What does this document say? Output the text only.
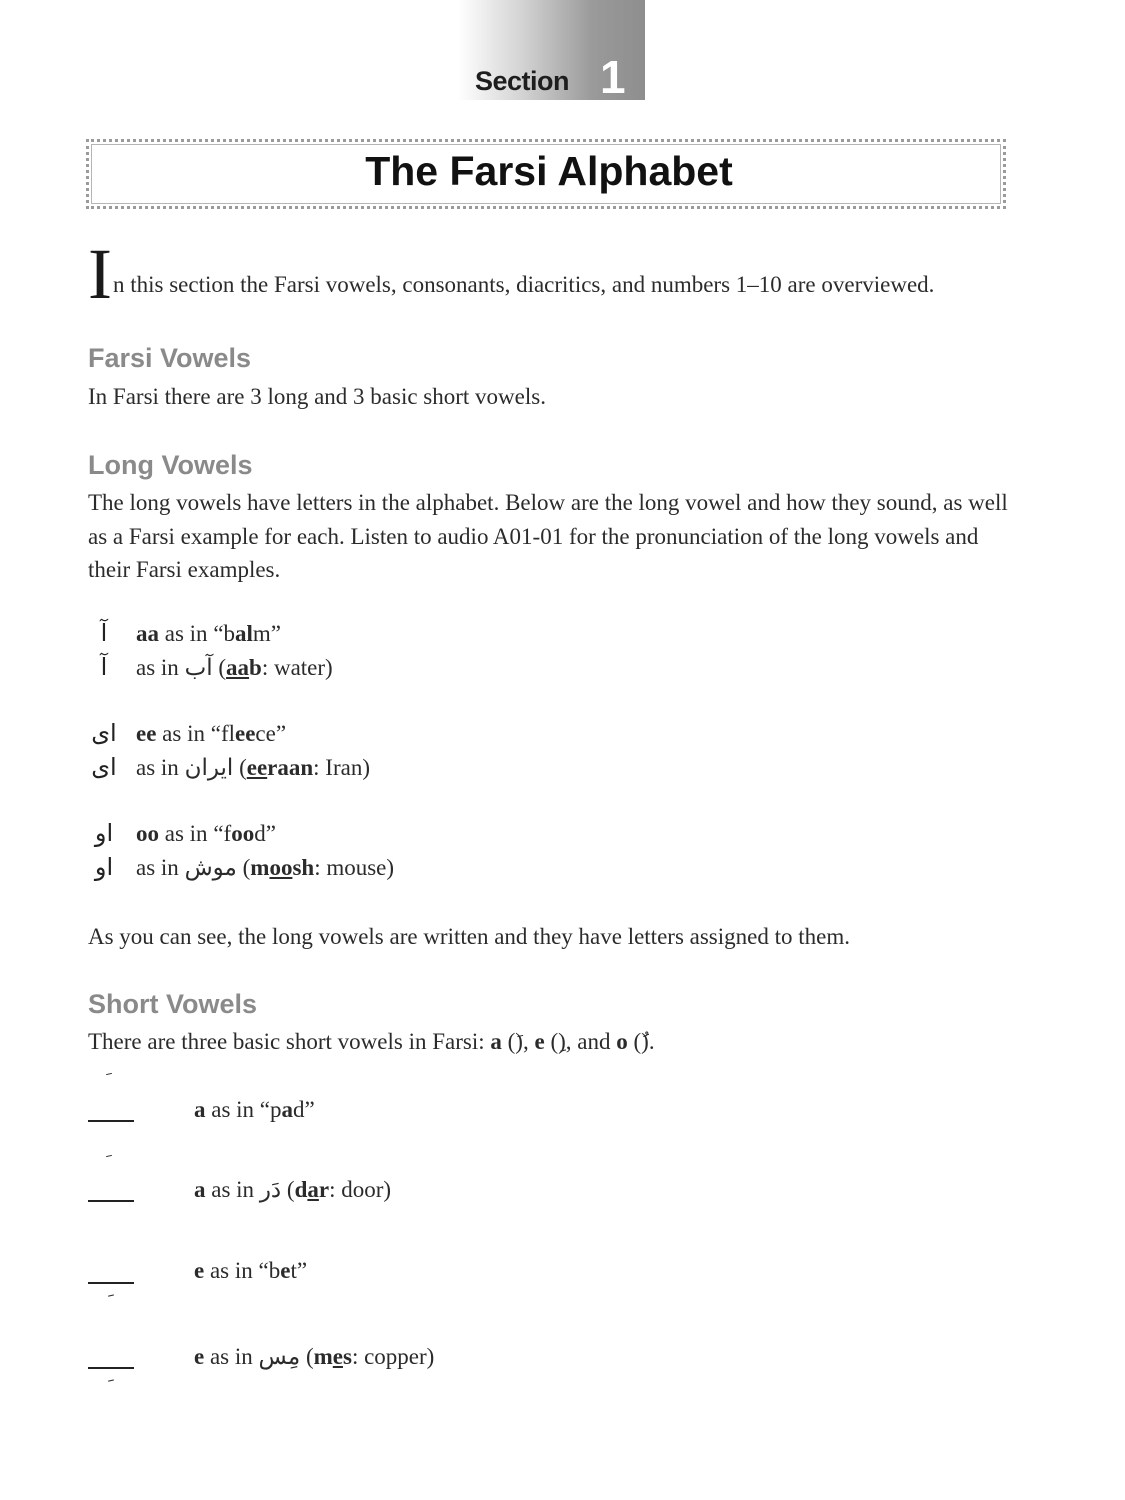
Section 1
The Farsi Alphabet
In this section the Farsi vowels, consonants, diacritics, and numbers 1–10 are overviewed.
Farsi Vowels
In Farsi there are 3 long and 3 basic short vowels.
Long Vowels
The long vowels have letters in the alphabet. Below are the long vowel and how they sound, as well as a Farsi example for each. Listen to audio A01-01 for the pronunciation of the long vowels and their Farsi examples.
آ	aa as in “balm”
آ	as in آب (aab: water)
ای ee as in “fleece”
ای as in ایران (eeraan: Iran)
او oo as in “food”
او as in موش (moosh: mouse)
As you can see, the long vowels are written and they have letters assigned to them.
Short Vowels
There are three basic short vowels in Farsi: a (), e (), and o ().
a as in “pad”
a as in دَر (dar: door)
e as in “bet”
e as in مِس (mes: copper)
